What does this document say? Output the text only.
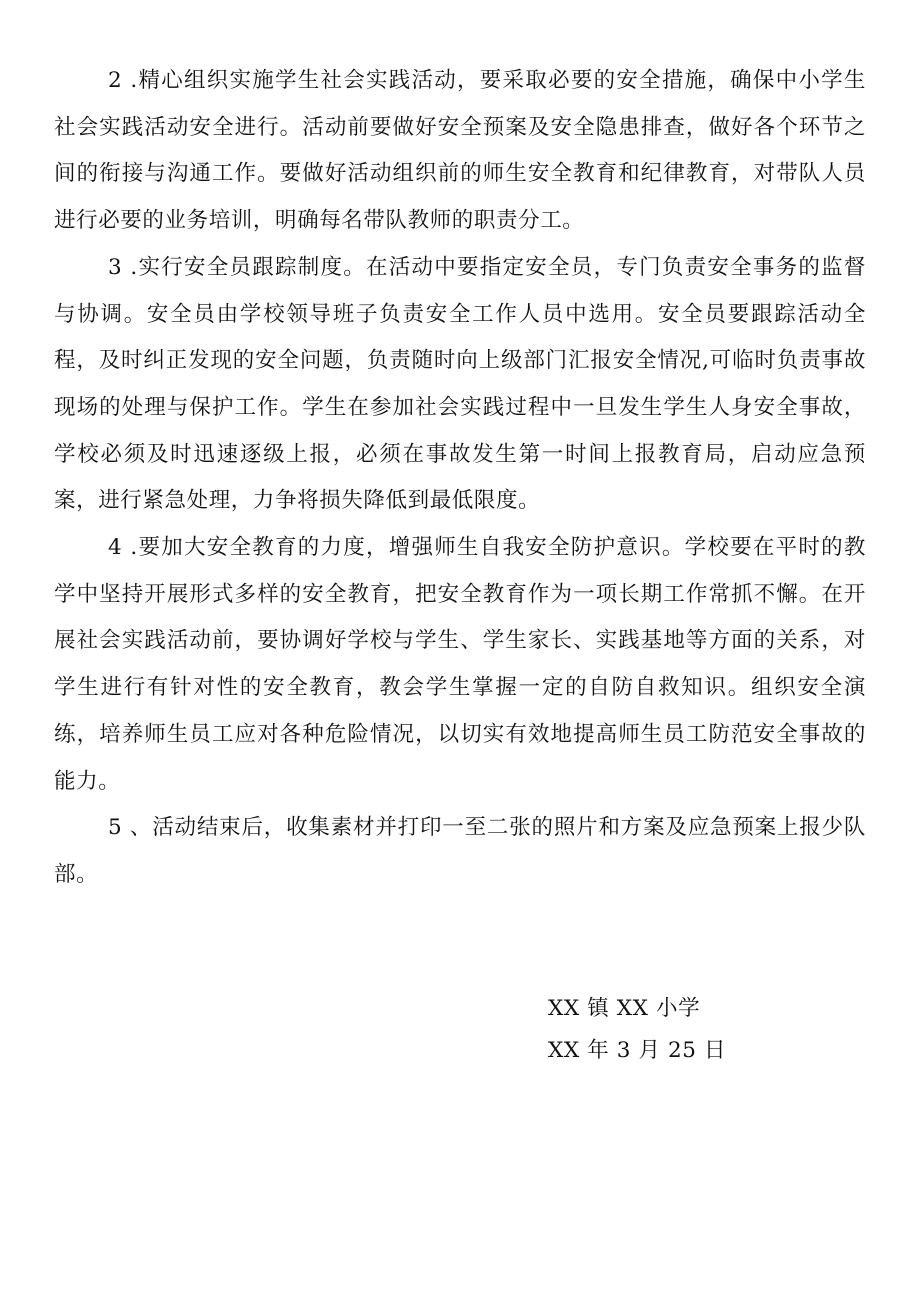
2 .精心组织实施学生社会实践活动，要采取必要的安全措施，确保中小学生社会实践活动安全进行。活动前要做好安全预案及安全隐患排查，做好各个环节之间的衔接与沟通工作。要做好活动组织前的师生安全教育和纪律教育，对带队人员进行必要的业务培训，明确每名带队教师的职责分工。

3 .实行安全员跟踪制度。在活动中要指定安全员，专门负责安全事务的监督与协调。安全员由学校领导班子负责安全工作人员中选用。安全员要跟踪活动全程，及时纠正发现的安全问题，负责随时向上级部门汇报安全情况,可临时负责事故现场的处理与保护工作。学生在参加社会实践过程中一旦发生学生人身安全事故，学校必须及时迅速逐级上报，必须在事故发生第一时间上报教育局，启动应急预案，进行紧急处理，力争将损失降低到最低限度。

4 .要加大安全教育的力度，增强师生自我安全防护意识。学校要在平时的教学中坚持开展形式多样的安全教育，把安全教育作为一项长期工作常抓不懈。在开展社会实践活动前，要协调好学校与学生、学生家长、实践基地等方面的关系，对学生进行有针对性的安全教育，教会学生掌握一定的自防自救知识。组织安全演练，培养师生员工应对各种危险情况，以切实有效地提高师生员工防范安全事故的能力。

5 、活动结束后，收集素材并打印一至二张的照片和方案及应急预案上报少队部。

XX 镇 XX 小学
XX 年 3 月 25 日
